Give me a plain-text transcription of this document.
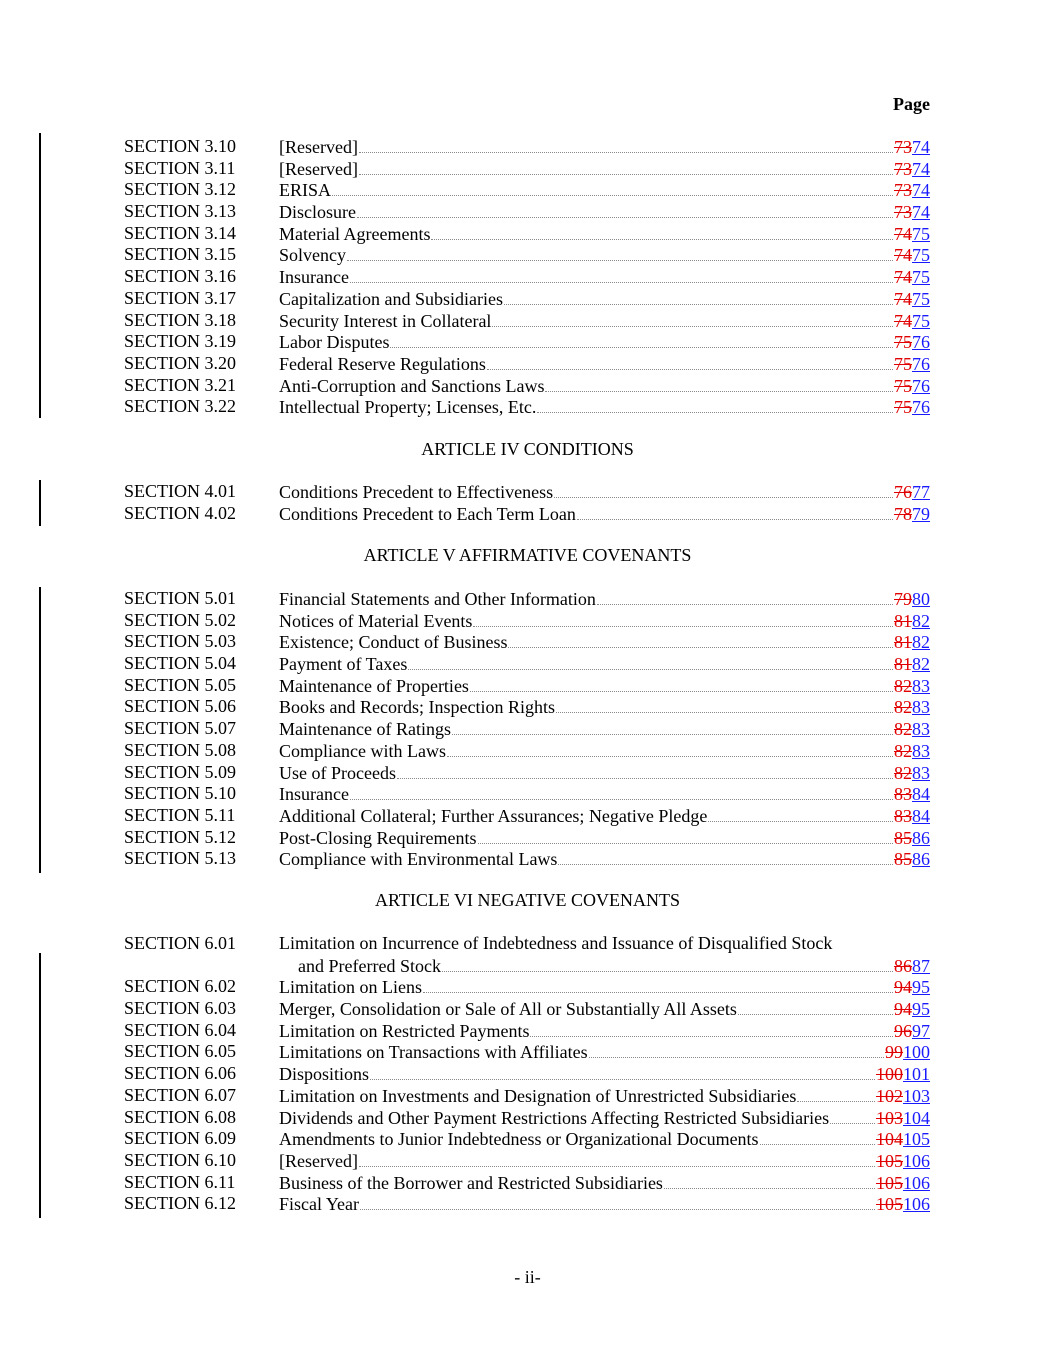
Page
SECTION 3.10 [Reserved]	7374
SECTION 3.11 [Reserved]	7374
SECTION 3.12 ERISA	7374
SECTION 3.13 Disclosure	7374
SECTION 3.14 Material Agreements	7475
SECTION 3.15 Solvency	7475
SECTION 3.16 Insurance	7475
SECTION 3.17 Capitalization and Subsidiaries	7475
SECTION 3.18 Security Interest in Collateral	7475
SECTION 3.19 Labor Disputes	7576
SECTION 3.20 Federal Reserve Regulations	7576
SECTION 3.21 Anti-Corruption and Sanctions Laws	7576
SECTION 3.22 Intellectual Property; Licenses, Etc.	7576
ARTICLE IV CONDITIONS
SECTION 4.01 Conditions Precedent to Effectiveness	7677
SECTION 4.02 Conditions Precedent to Each Term Loan	7879
ARTICLE V AFFIRMATIVE COVENANTS
SECTION 5.01 Financial Statements and Other Information	7980
SECTION 5.02 Notices of Material Events	8182
SECTION 5.03 Existence; Conduct of Business	8182
SECTION 5.04 Payment of Taxes	8182
SECTION 5.05 Maintenance of Properties	8283
SECTION 5.06 Books and Records; Inspection Rights	8283
SECTION 5.07 Maintenance of Ratings	8283
SECTION 5.08 Compliance with Laws	8283
SECTION 5.09 Use of Proceeds	8283
SECTION 5.10 Insurance	8384
SECTION 5.11 Additional Collateral; Further Assurances; Negative Pledge	8384
SECTION 5.12 Post-Closing Requirements	8586
SECTION 5.13 Compliance with Environmental Laws	8586
ARTICLE VI NEGATIVE COVENANTS
SECTION 6.01 Limitation on Incurrence of Indebtedness and Issuance of Disqualified Stock
and Preferred Stock	8687
SECTION 6.02 Limitation on Liens	9495
SECTION 6.03 Merger, Consolidation or Sale of All or Substantially All Assets	9495
SECTION 6.04 Limitation on Restricted Payments	9697
SECTION 6.05 Limitations on Transactions with Affiliates	99100
SECTION 6.06 Dispositions	100101
SECTION 6.07 Limitation on Investments and Designation of Unrestricted Subsidiaries	102103
SECTION 6.08 Dividends and Other Payment Restrictions Affecting Restricted Subsidiaries	103104
SECTION 6.09 Amendments to Junior Indebtedness or Organizational Documents	104105
SECTION 6.10 [Reserved]	105106
SECTION 6.11 Business of the Borrower and Restricted Subsidiaries	105106
SECTION 6.12 Fiscal Year	105106
- ii-
